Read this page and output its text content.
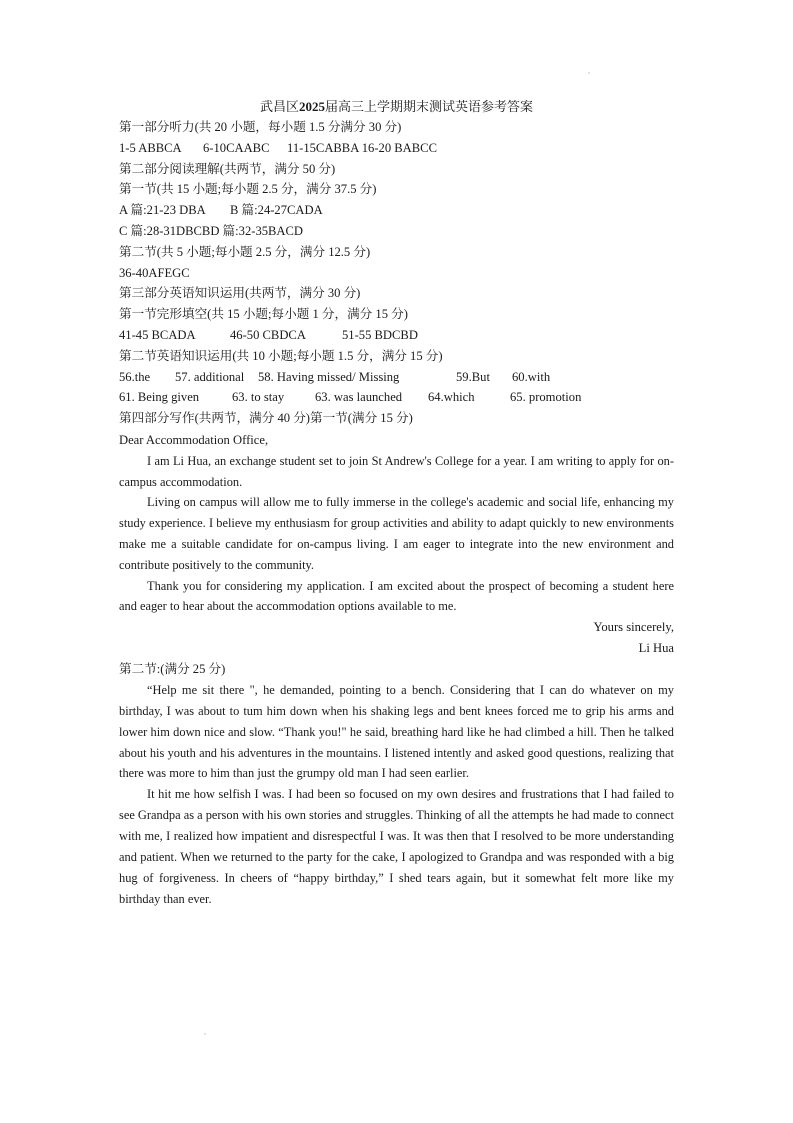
武昌区2025届高三上学期期末测试英语参考答案
第一部分听力(共 20 小题，每小题 1.5 分满分 30 分)
1-5 ABBCA 6-10CAABC 11-15CABBA 16-20 BABCC
第二部分阅读理解(共两节，满分 50 分)
第一节(共 15 小题;每小题 2.5 分，满分 37.5 分)
A 篇:21-23 DBA B 篇:24-27CADA
C 篇:28-31DBCBD 篇:32-35BACD
第二节(共 5 小题;每小题 2.5 分，满分 12.5 分)
36-40AFEGC
第三部分英语知识运用(共两节，满分 30 分)
第一节完形填空(共 15 小题;每小题 1 分，满分 15 分)
41-45 BCADA	46-50 CBDCA	51-55 BDCBD
第二节英语知识运用(共 10 小题;每小题 1.5 分，满分 15 分)
56.the 57. additional 58. Having missed/ Missing	59.But 60.with
61. Being given	63. to stay 63. was launched 64.which	65. promotion
第四部分写作(共两节，满分 40 分)第一节(满分 15 分)
Dear Accommodation Office,

I am Li Hua, an exchange student set to join St Andrew's College for a year. I am writing to apply for on-campus accommodation.

Living on campus will allow me to fully immerse in the college's academic and social life, enhancing my study experience. I believe my enthusiasm for group activities and ability to adapt quickly to new environments make me a suitable candidate for on-campus living. I am eager to integrate into the new environment and contribute positively to the community.

Thank you for considering my application. I am excited about the prospect of becoming a student here and eager to hear about the accommodation options available to me.

Yours sincerely,
Li Hua
第二节:(满分 25 分)

“Help me sit there ", he demanded, pointing to a bench. Considering that I can do whatever on my birthday, I was about to tum him down when his shaking legs and bent knees forced me to grip his arms and lower him down nice and slow. “Thank you!" he said, breathing hard like he had climbed a hill. Then he talked about his youth and his adventures in the mountains. I listened intently and asked good questions, realizing that there was more to him than just the grumpy old man I had seen earlier.

It hit me how selfish I was. I had been so focused on my own desires and frustrations that I had failed to see Grandpa as a person with his own stories and struggles. Thinking of all the attempts he had made to connect with me, I realized how impatient and disrespectful I was. It was then that I resolved to be more understanding and patient. When we returned to the party for the cake, I apologized to Grandpa and was responded with a big hug of forgiveness. In cheers of “happy birthday,” I shed tears again, but it somewhat felt more like my birthday than ever.
